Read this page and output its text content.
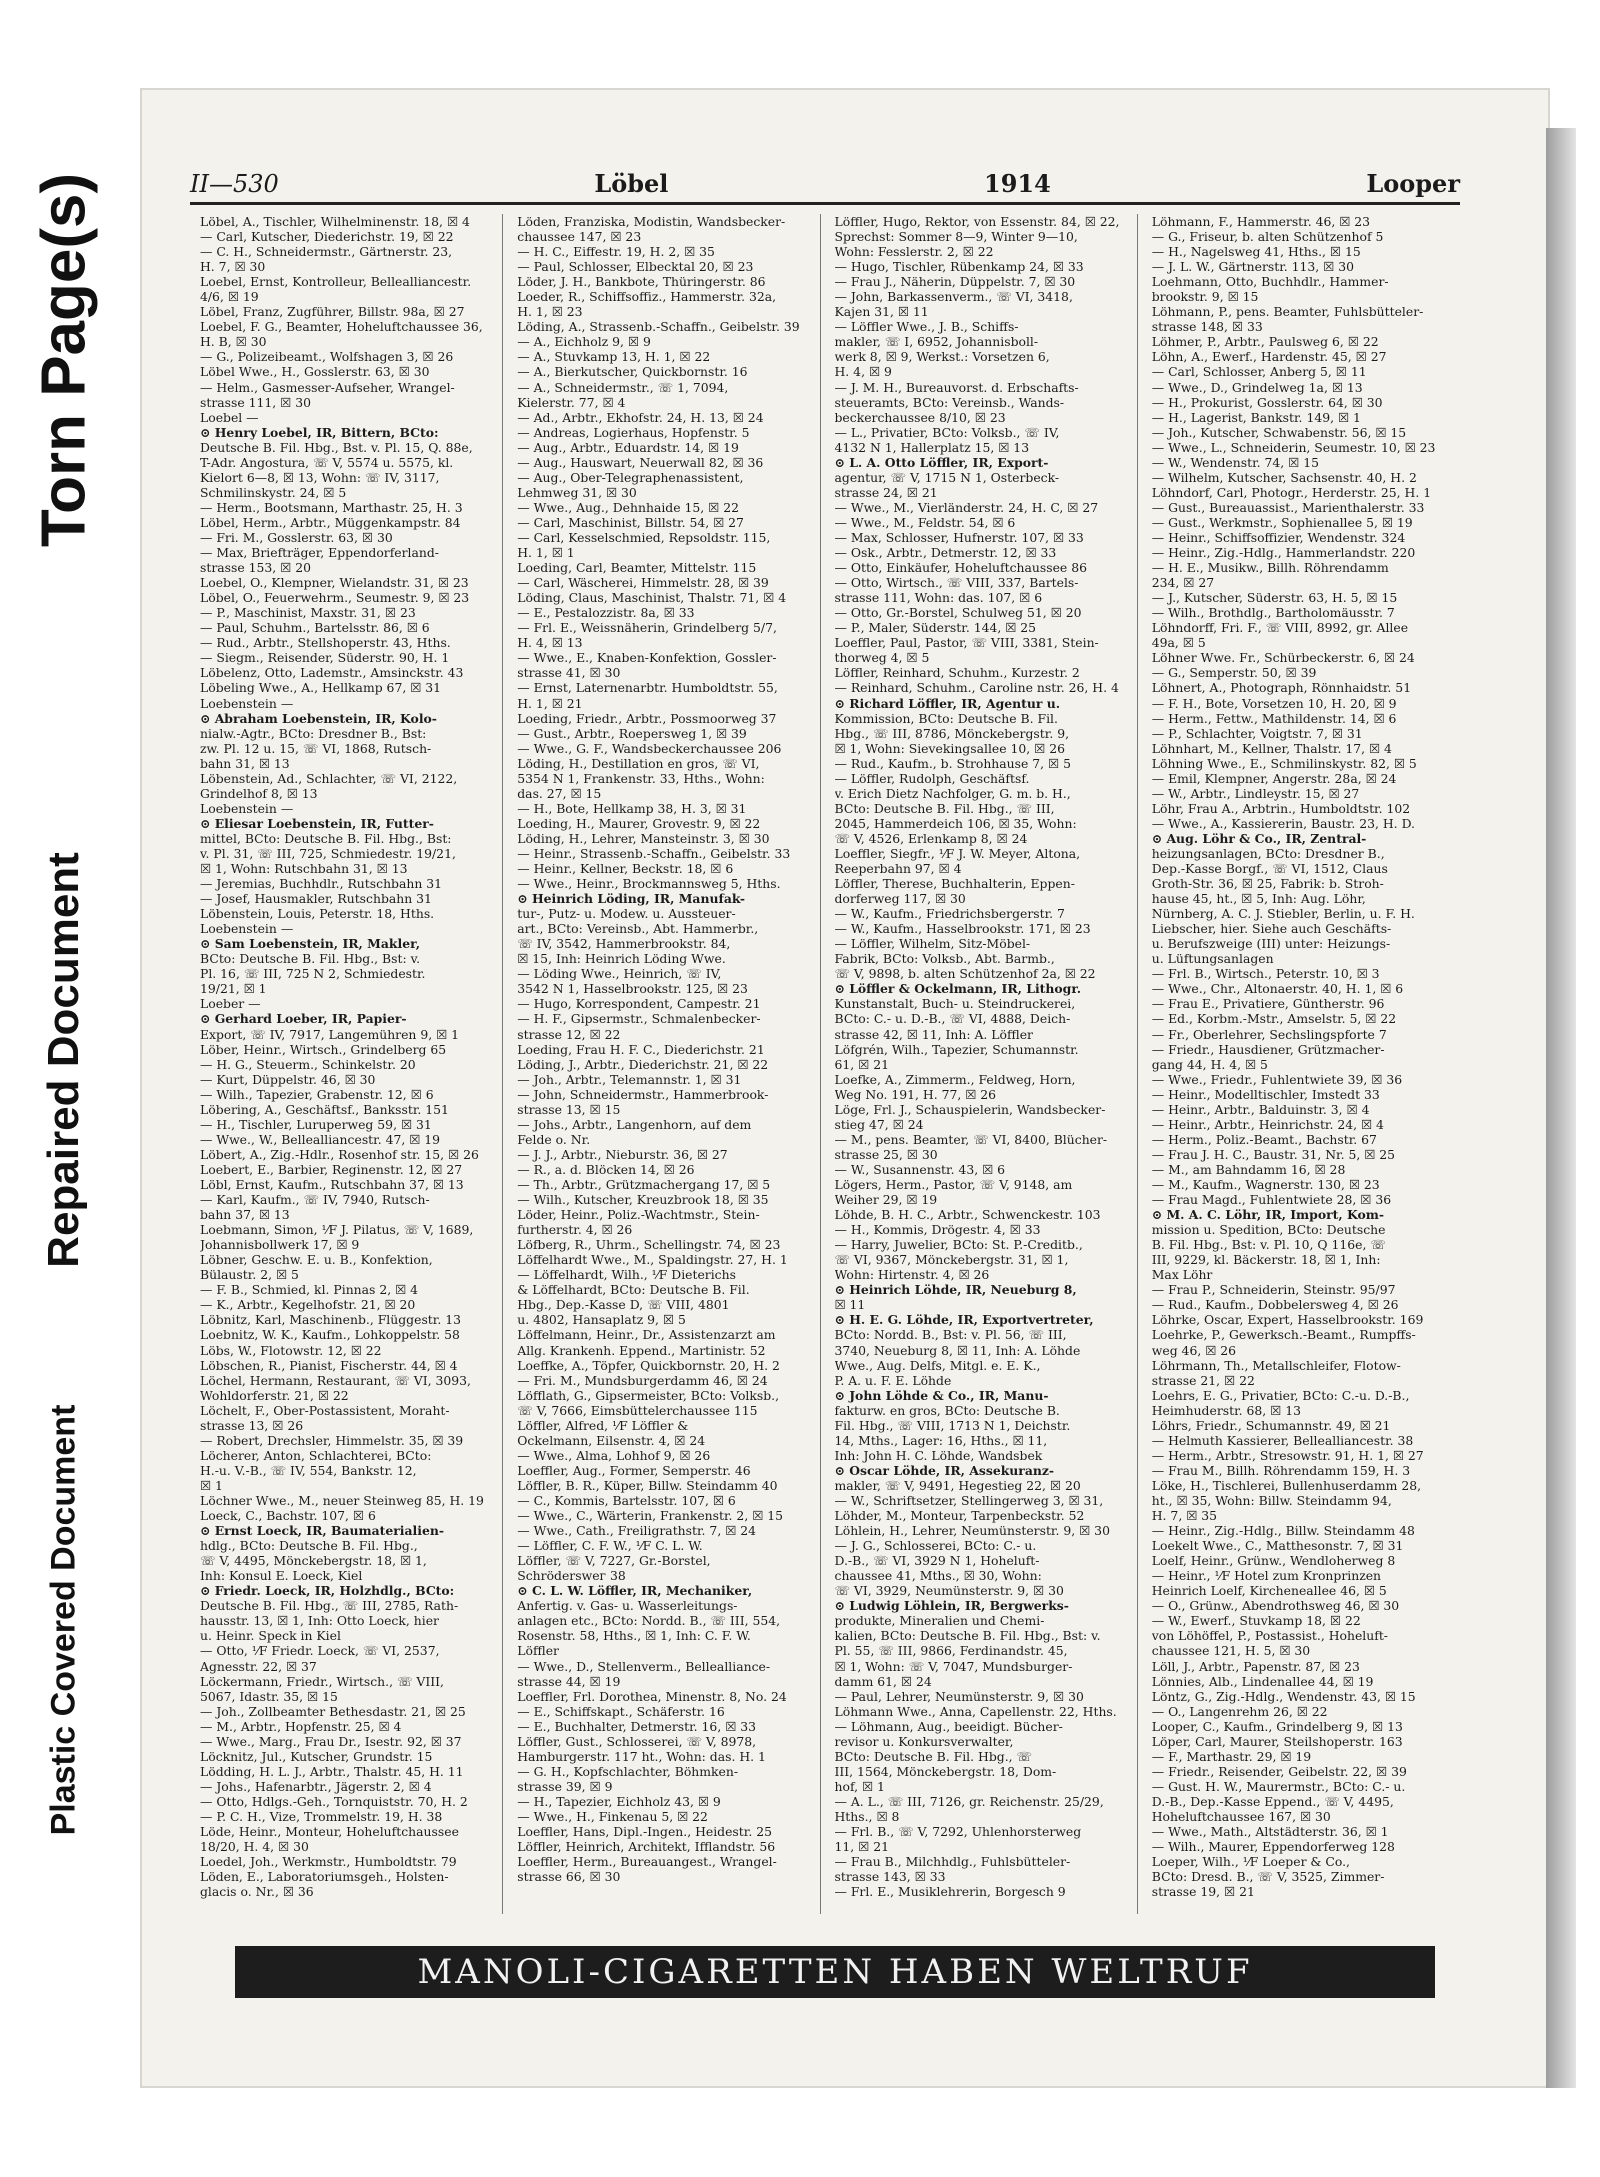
Torn Page(s)
Repaired Document
Plastic Covered Document
II—530	Löbel	1914	Looper
Löbel, A., Tischler, Wilhelminenstr. 18, ☒ 4
— Carl, Kutscher, Diederichstr. 19, ☒ 22
— C. H., Schneidermstr., Gärtnerstr. 23,
H. 7, ☒ 30
Loebel, Ernst, Kontrolleur, Bellealliancestr.
4/6, ☒ 19
Löbel, Franz, Zugführer, Billstr. 98a, ☒ 27
Loebel, F. G., Beamter, Hoheluftchaussee 36,
H. B, ☒ 30
— G., Polizeibeamt., Wolfshagen 3, ☒ 26
Löbel Wwe., H., Gosslerstr. 63, ☒ 30
— Helm., Gasmesser-Aufseher, Wrangel-
strasse 111, ☒ 30
Loebel —
⊙ Henry Loebel, IR, Bittern, BCto:
Deutsche B. Fil. Hbg., Bst. v. Pl. 15, Q. 88e,
T-Adr. Angostura, ☏ V, 5574 u. 5575, kl.
Kielort 6—8, ☒ 13, Wohn: ☏ IV, 3117,
Schmilinskystr. 24, ☒ 5
— Herm., Bootsmann, Marthastr. 25, H. 3
Löbel, Herm., Arbtr., Müggenkampstr. 84
— Fri. M., Gosslerstr. 63, ☒ 30
— Max, Briefträger, Eppendorferland-
strasse 153, ☒ 20
Loebel, O., Klempner, Wielandstr. 31, ☒ 23
Löbel, O., Feuerwehrm., Seumestr. 9, ☒ 23
— P., Maschinist, Maxstr. 31, ☒ 23
— Paul, Schuhm., Bartelsstr. 86, ☒ 6
— Rud., Arbtr., Stellshoperstr. 43, Hths.
— Siegm., Reisender, Süderstr. 90, H. 1
Löbelenz, Otto, Lademstr., Amsinckstr. 43
Löbeling Wwe., A., Hellkamp 67, ☒ 31
Loebenstein —
⊙ Abraham Loebenstein, IR, Kolo-
nialw.-Agtr., BCto: Dresdner B., Bst:
zw. Pl. 12 u. 15, ☏ VI, 1868, Rutsch-
bahn 31, ☒ 13
Löbenstein, Ad., Schlachter, ☏ VI, 2122,
Grindelhof 8, ☒ 13
Loebenstein —
⊙ Eliesar Loebenstein, IR, Futter-
mittel, BCto: Deutsche B. Fil. Hbg., Bst:
v. Pl. 31, ☏ III, 725, Schmiedestr. 19/21,
☒ 1, Wohn: Rutschbahn 31, ☒ 13
— Jeremias, Buchhdlr., Rutschbahn 31
— Josef, Hausmakler, Rutschbahn 31
Löbenstein, Louis, Peterstr. 18, Hths.
Loebenstein —
⊙ Sam Loebenstein, IR, Makler,
BCto: Deutsche B. Fil. Hbg., Bst: v.
Pl. 16, ☏ III, 725 N 2, Schmiedestr.
19/21, ☒ 1
Loeber —
⊙ Gerhard Loeber, IR, Papier-
Export, ☏ IV, 7917, Langemühren 9, ☒ 1
Löber, Heinr., Wirtsch., Grindelberg 65
— H. G., Steuerm., Schinkelstr. 20
— Kurt, Düppelstr. 46, ☒ 30
— Wilh., Tapezier, Grabenstr. 12, ☒ 6
Löbering, A., Geschäftsf., Banksstr. 151
— H., Tischler, Luruperweg 59, ☒ 31
— Wwe., W., Bellealliancestr. 47, ☒ 19
Löbert, A., Zig.-Hdlr., Rosenhof str. 15, ☒ 26
Loebert, E., Barbier, Reginenstr. 12, ☒ 27
Löbl, Ernst, Kaufm., Rutschbahn 37, ☒ 13
— Karl, Kaufm., ☏ IV, 7940, Rutsch-
bahn 37, ☒ 13
Loebmann, Simon, ⅟F J. Pilatus, ☏ V, 1689,
Johannisbollwerk 17, ☒ 9
Löbner, Geschw. E. u. B., Konfektion,
Bülaustr. 2, ☒ 5
— F. B., Schmied, kl. Pinnas 2, ☒ 4
— K., Arbtr., Kegelhofstr. 21, ☒ 20
Löbnitz, Karl, Maschinenb., Flüggestr. 13
Loebnitz, W. K., Kaufm., Lohkoppelstr. 58
Löbs, W., Flotowstr. 12, ☒ 22
Löbschen, R., Pianist, Fischerstr. 44, ☒ 4
Löchel, Hermann, Restaurant, ☏ VI, 3093,
Wohldorferstr. 21, ☒ 22
Löchelt, F., Ober-Postassistent, Moraht-
strasse 13, ☒ 26
— Robert, Drechsler, Himmelstr. 35, ☒ 39
Löcherer, Anton, Schlachterei, BCto:
H.-u. V.-B., ☏ IV, 554, Bankstr. 12,
☒ 1
Löchner Wwe., M., neuer Steinweg 85, H. 19
Loeck, C., Bachstr. 107, ☒ 6
⊙ Ernst Loeck, IR, Baumaterialien-
hdlg., BCto: Deutsche B. Fil. Hbg.,
☏ V, 4495, Mönckebergstr. 18, ☒ 1,
Inh: Konsul E. Loeck, Kiel
⊙ Friedr. Loeck, IR, Holzhdlg., BCto:
Deutsche B. Fil. Hbg., ☏ III, 2785, Rath-
hausstr. 13, ☒ 1, Inh: Otto Loeck, hier
u. Heinr. Speck in Kiel
— Otto, ⅟F Friedr. Loeck, ☏ VI, 2537,
Agnesstr. 22, ☒ 37
Löckermann, Friedr., Wirtsch., ☏ VIII,
5067, Idastr. 35, ☒ 15
— Joh., Zollbeamter Bethesdastr. 21, ☒ 25
— M., Arbtr., Hopfenstr. 25, ☒ 4
— Wwe., Marg., Frau Dr., Isestr. 92, ☒ 37
Löcknitz, Jul., Kutscher, Grundstr. 15
Lödding, H. L. J., Arbtr., Thalstr. 45, H. 11
— Johs., Hafenarbtr., Jägerstr. 2, ☒ 4
— Otto, Hdlgs.-Geh., Tornquiststr. 70, H. 2
— P. C. H., Vize, Trommelstr. 19, H. 38
Löde, Heinr., Monteur, Hoheluftchaussee
18/20, H. 4, ☒ 30
Loedel, Joh., Werkmstr., Humboldtstr. 79
Löden, E., Laboratoriumsgeh., Holsten-
glacis o. Nr., ☒ 36
Löden, Franziska, Modistin, Wandsbecker-
chaussee 147, ☒ 23
— H. C., Eiffestr. 19, H. 2, ☒ 35
— Paul, Schlosser, Elbecktal 20, ☒ 23
Löder, J. H., Bankbote, Thüringerstr. 86
Loeder, R., Schiffsoffiz., Hammerstr. 32a,
H. 1, ☒ 23
Löding, A., Strassenb.-Schaffn., Geibelstr. 39
— A., Eichholz 9, ☒ 9
— A., Stuvkamp 13, H. 1, ☒ 22
— A., Bierkutscher, Quickbornstr. 16
— A., Schneidermstr., ☏ 1, 7094,
Kielerstr. 77, ☒ 4
— Ad., Arbtr., Ekhofstr. 24, H. 13, ☒ 24
— Andreas, Logierhaus, Hopfenstr. 5
— Aug., Arbtr., Eduardstr. 14, ☒ 19
— Aug., Hauswart, Neuerwall 82, ☒ 36
— Aug., Ober-Telegraphenassistent,
Lehmweg 31, ☒ 30
— Wwe., Aug., Dehnhaide 15, ☒ 22
— Carl, Maschinist, Billstr. 54, ☒ 27
— Carl, Kesselschmied, Repsoldstr. 115,
H. 1, ☒ 1
Loeding, Carl, Beamter, Mittelstr. 115
— Carl, Wäscherei, Himmelstr. 28, ☒ 39
Löding, Claus, Maschinist, Thalstr. 71, ☒ 4
— E., Pestalozzistr. 8a, ☒ 33
— Frl. E., Weissnäherin, Grindelberg 5/7,
H. 4, ☒ 13
— Wwe., E., Knaben-Konfektion, Gossler-
strasse 41, ☒ 30
— Ernst, Laternenarbtr. Humboldtstr. 55,
H. 1, ☒ 21
Loeding, Friedr., Arbtr., Possmoorweg 37
— Gust., Arbtr., Roepersweg 1, ☒ 39
— Wwe., G. F., Wandsbeckerchaussee 206
Löding, H., Destillation en gros, ☏ VI,
5354 N 1, Frankenstr. 33, Hths., Wohn:
das. 27, ☒ 15
— H., Bote, Hellkamp 38, H. 3, ☒ 31
Loeding, H., Maurer, Grovestr. 9, ☒ 22
Löding, H., Lehrer, Mansteinstr. 3, ☒ 30
— Heinr., Strassenb.-Schaffn., Geibelstr. 33
— Heinr., Kellner, Beckstr. 18, ☒ 6
— Wwe., Heinr., Brockmannsweg 5, Hths.
⊙ Heinrich Löding, IR, Manufak-
tur-, Putz- u. Modew. u. Aussteuer-
art., BCto: Vereinsb., Abt. Hammerbr.,
☏ IV, 3542, Hammerbrookstr. 84,
☒ 15, Inh: Heinrich Löding Wwe.
— Löding Wwe., Heinrich, ☏ IV,
3542 N 1, Hasselbrookstr. 125, ☒ 23
— Hugo, Korrespondent, Campestr. 21
— H. F., Gipsermstr., Schmalenbecker-
strasse 12, ☒ 22
Loeding, Frau H. F. C., Diederichstr. 21
Löding, J., Arbtr., Diederichstr. 21, ☒ 22
— Joh., Arbtr., Telemannstr. 1, ☒ 31
— John, Schneidermstr., Hammerbrook-
strasse 13, ☒ 15
— Johs., Arbtr., Langenhorn, auf dem
Felde o. Nr.
— J. J., Arbtr., Nieburstr. 36, ☒ 27
— R., a. d. Blöcken 14, ☒ 26
— Th., Arbtr., Grützmachergang 17, ☒ 5
— Wilh., Kutscher, Kreuzbrook 18, ☒ 35
Löder, Heinr., Poliz.-Wachtmstr., Stein-
furtherstr. 4, ☒ 26
Löfberg, R., Uhrm., Schellingstr. 74, ☒ 23
Löffelhardt Wwe., M., Spaldingstr. 27, H. 1
— Löffelhardt, Wilh., ⅟F Dieterichs
& Löffelhardt, BCto: Deutsche B. Fil.
Hbg., Dep.-Kasse D, ☏ VIII, 4801
u. 4802, Hansaplatz 9, ☒ 5
Löffelmann, Heinr., Dr., Assistenzarzt am
Allg. Krankenh. Eppend., Martinistr. 52
Loeffke, A., Töpfer, Quickbornstr. 20, H. 2
— Fri. M., Mundsburgerdamm 46, ☒ 24
Löfflath, G., Gipsermeister, BCto: Volksb.,
☏ V, 7666, Eimsbüttelerchaussee 115
Löffler, Alfred, ⅟F Löffler &
Ockelmann, Eilsenstr. 4, ☒ 24
— Wwe., Alma, Lohhof 9, ☒ 26
Loeffler, Aug., Former, Semperstr. 46
Löffler, B. R., Küper, Billw. Steindamm 40
— C., Kommis, Bartelsstr. 107, ☒ 6
— Wwe., C., Wärterin, Frankenstr. 2, ☒ 15
— Wwe., Cath., Freiligrathstr. 7, ☒ 24
— Löffler, C. F. W., ⅟F C. L. W.
Löffler, ☏ V, 7227, Gr.-Borstel,
Schröderswег 38
⊙ C. L. W. Löffler, IR, Mechaniker,
Anfertig. v. Gas- u. Wasserleitungs-
anlagen etc., BCto: Nordd. B., ☏ III, 554,
Rosenstr. 58, Hths., ☒ 1, Inh: C. F. W.
Löffler
— Wwe., D., Stellenverm., Bellealliance-
strasse 44, ☒ 19
Loeffler, Frl. Dorothea, Minenstr. 8, No. 24
— E., Schiffskapt., Schäferstr. 16
— E., Buchhalter, Detmerstr. 16, ☒ 33
Löffler, Gust., Schlosserei, ☏ V, 8978,
Hamburgerstr. 117 ht., Wohn: das. H. 1
— G. H., Kopfschlachter, Böhmken-
strasse 39, ☒ 9
— H., Tapezier, Eichholz 43, ☒ 9
— Wwe., H., Finkenau 5, ☒ 22
Loeffler, Hans, Dipl.-Ingen., Heidestr. 25
Löffler, Heinrich, Architekt, Ifflandstr. 56
Loeffler, Herm., Bureauangest., Wrangel-
strasse 66, ☒ 30
Löffler, Hugo, Rektor, von Essenstr. 84, ☒ 22,
Sprechst: Sommer 8—9, Winter 9—10,
Wohn: Fesslerstr. 2, ☒ 22
— Hugo, Tischler, Rübenkamp 24, ☒ 33
— Frau J., Näherin, Düppelstr. 7, ☒ 30
— John, Barkassenverm., ☏ VI, 3418,
Kajen 31, ☒ 11
— Löffler Wwe., J. B., Schiffs-
makler, ☏ I, 6952, Johannisboll-
werk 8, ☒ 9, Werkst.: Vorsetzen 6,
H. 4, ☒ 9
— J. M. H., Bureauvorst. d. Erbschafts-
steueramts, BCto: Vereinsb., Wands-
beckerchaussee 8/10, ☒ 23
— L., Privatier, BCto: Volksb., ☏ IV,
4132 N 1, Hallerplatz 15, ☒ 13
⊙ L. A. Otto Löffler, IR, Export-
agentur, ☏ V, 1715 N 1, Osterbeck-
strasse 24, ☒ 21
— Wwe., M., Vierländerstr. 24, H. C, ☒ 27
— Wwe., M., Feldstr. 54, ☒ 6
— Max, Schlosser, Hufnerstr. 107, ☒ 33
— Osk., Arbtr., Detmerstr. 12, ☒ 33
— Otto, Einkäufer, Hoheluftchaussee 86
— Otto, Wirtsch., ☏ VIII, 337, Bartels-
strasse 111, Wohn: das. 107, ☒ 6
— Otto, Gr.-Borstel, Schulweg 51, ☒ 20
— P., Maler, Süderstr. 144, ☒ 25
Loeffler, Paul, Pastor, ☏ VIII, 3381, Stein-
thorweg 4, ☒ 5
Löffler, Reinhard, Schuhm., Kurzestr. 2
— Reinhard, Schuhm., Caroline nstr. 26, H. 4
⊙ Richard Löffler, IR, Agentur u.
Kommission, BCto: Deutsche B. Fil.
Hbg., ☏ III, 8786, Mönckebergstr. 9,
☒ 1, Wohn: Sievekingsallee 10, ☒ 26
— Rud., Kaufm., b. Strohhause 7, ☒ 5
— Löffler, Rudolph, Geschäftsf.
v. Erich Dietz Nachfolger, G. m. b. H.,
BCto: Deutsche B. Fil. Hbg., ☏ III,
2045, Hammerdeich 106, ☒ 35, Wohn:
☏ V, 4526, Erlenkamp 8, ☒ 24
Loeffler, Siegfr., ⅟F J. W. Meyer, Altona,
Reeperbahn 97, ☒ 4
Löffler, Therese, Buchhalterin, Eppen-
dorferweg 117, ☒ 30
— W., Kaufm., Friedrichsbergerstr. 7
— W., Kaufm., Hasselbrookstr. 171, ☒ 23
— Löffler, Wilhelm, Sitz-Möbel-
Fabrik, BCto: Volksb., Abt. Barmb.,
☏ V, 9898, b. alten Schützenhof 2a, ☒ 22
⊙ Löffler & Ockelmann, IR, Lithogr.
Kunstanstalt, Buch- u. Steindruckerei,
BCto: C.- u. D.-B., ☏ VI, 4888, Deich-
strasse 42, ☒ 11, Inh: A. Löffler
Löfgrén, Wilh., Tapezier, Schumannstr.
61, ☒ 21
Loefke, A., Zimmerm., Feldweg, Horn,
Weg No. 191, H. 77, ☒ 26
Löge, Frl. J., Schauspielerin, Wandsbecker-
stieg 47, ☒ 24
— M., pens. Beamter, ☏ VI, 8400, Blücher-
strasse 25, ☒ 30
— W., Susannenstr. 43, ☒ 6
Lögers, Herm., Pastor, ☏ V, 9148, am
Weiher 29, ☒ 19
Löhde, B. H. C., Arbtr., Schwenckestr. 103
— H., Kommis, Drögestr. 4, ☒ 33
— Harry, Juwelier, BCto: St. P.-Creditb.,
☏ VI, 9367, Mönckebergstr. 31, ☒ 1,
Wohn: Hirtenstr. 4, ☒ 26
⊙ Heinrich Löhde, IR, Neueburg 8,
☒ 11
⊙ H. E. G. Löhde, IR, Exportvertreter,
BCto: Nordd. B., Bst: v. Pl. 56, ☏ III,
3740, Neueburg 8, ☒ 11, Inh: A. Löhde
Wwe., Aug. Delfs, Mitgl. e. E. K.,
P. A. u. F. E. Löhde
⊙ John Löhde & Co., IR, Manu-
fakturw. en gros, BCto: Deutsche B.
Fil. Hbg., ☏ VIII, 1713 N 1, Deichstr.
14, Mths., Lager: 16, Hths., ☒ 11,
Inh: John H. C. Löhde, Wandsbek
⊙ Oscar Löhde, IR, Assekuranz-
makler, ☏ V, 9491, Hegestieg 22, ☒ 20
— W., Schriftsetzer, Stellingerweg 3, ☒ 31,
Löhder, M., Monteur, Tarpenbeckstr. 52
Löhlein, H., Lehrer, Neumünsterstr. 9, ☒ 30
— J. G., Schlosserei, BCto: C.- u.
D.-B., ☏ VI, 3929 N 1, Hoheluft-
chaussee 41, Mths., ☒ 30, Wohn:
☏ VI, 3929, Neumünsterstr. 9, ☒ 30
⊙ Ludwig Löhlein, IR, Bergwerks-
produkte, Mineralien und Chemi-
kalien, BCto: Deutsche B. Fil. Hbg., Bst: v.
Pl. 55, ☏ III, 9866, Ferdinandstr. 45,
☒ 1, Wohn: ☏ V, 7047, Mundsburger-
damm 61, ☒ 24
— Paul, Lehrer, Neumünsterstr. 9, ☒ 30
Löhmann Wwe., Anna, Capellenstr. 22, Hths.
— Löhmann, Aug., beeidigt. Bücher-
revisor u. Konkursverwalter,
BCto: Deutsche B. Fil. Hbg., ☏
III, 1564, Mönckebergstr. 18, Dom-
hof, ☒ 1
— A. L., ☏ III, 7126, gr. Reichenstr. 25/29,
Hths., ☒ 8
— Frl. B., ☏ V, 7292, Uhlenhorsterweg
11, ☒ 21
— Frau B., Milchhdlg., Fuhlsbütteler-
strasse 143, ☒ 33
— Frl. E., Musiklehrerin, Borgesch 9
Löhmann, F., Hammerstr. 46, ☒ 23
— G., Friseur, b. alten Schützenhof 5
— H., Nagelsweg 41, Hths., ☒ 15
— J. L. W., Gärtnerstr. 113, ☒ 30
Loehmann, Otto, Buchhdlr., Hammer-
brookstr. 9, ☒ 15
Löhmann, P., pens. Beamter, Fuhlsbütteler-
strasse 148, ☒ 33
Löhmer, P., Arbtr., Paulsweg 6, ☒ 22
Löhn, A., Ewerf., Hardenstr. 45, ☒ 27
— Carl, Schlosser, Anberg 5, ☒ 11
— Wwe., D., Grindelweg 1a, ☒ 13
— H., Prokurist, Gosslerstr. 64, ☒ 30
— H., Lagerist, Bankstr. 149, ☒ 1
— Joh., Kutscher, Schwabenstr. 56, ☒ 15
— Wwe., L., Schneiderin, Seumestr. 10, ☒ 23
— W., Wendenstr. 74, ☒ 15
— Wilhelm, Kutscher, Sachsenstr. 40, H. 2
Löhndorf, Carl, Photogr., Herderstr. 25, H. 1
— Gust., Bureauassist., Marienthalerstr. 33
— Gust., Werkmstr., Sophienallee 5, ☒ 19
— Heinr., Schiffsoffizier, Wendenstr. 324
— Heinr., Zig.-Hdlg., Hammerlandstr. 220
— H. E., Musikw., Billh. Röhrendamm
234, ☒ 27
— J., Kutscher, Süderstr. 63, H. 5, ☒ 15
— Wilh., Brothdlg., Bartholomäusstr. 7
Löhndorff, Fri. F., ☏ VIII, 8992, gr. Allee
49a, ☒ 5
Löhner Wwe. Fr., Schürbeckerstr. 6, ☒ 24
— G., Semperstr. 50, ☒ 39
Löhnert, A., Photograph, Rönnhaidstr. 51
— F. H., Bote, Vorsetzen 10, H. 20, ☒ 9
— Herm., Fettw., Mathildenstr. 14, ☒ 6
— P., Schlachter, Voigtstr. 7, ☒ 31
Löhnhart, M., Kellner, Thalstr. 17, ☒ 4
Löhning Wwe., E., Schmilinskystr. 82, ☒ 5
— Emil, Klempner, Angerstr. 28a, ☒ 24
— W., Arbtr., Lindleystr. 15, ☒ 27
Löhr, Frau A., Arbtrin., Humboldtstr. 102
— Wwe., A., Kassiererin, Baustr. 23, H. D.
⊙ Aug. Löhr & Co., IR, Zentral-
heizungsanlagen, BCto: Dresdner B.,
Dep.-Kasse Borgf., ☏ VI, 1512, Claus
Groth-Str. 36, ☒ 25, Fabrik: b. Stroh-
hause 45, ht., ☒ 5, Inh: Aug. Löhr,
Nürnberg, A. C. J. Stiebler, Berlin, u. F. H.
Liebscher, hier. Siehe auch Geschäfts-
u. Berufszweige (III) unter: Heizungs-
u. Lüftungsanlagen
— Frl. B., Wirtsch., Peterstr. 10, ☒ 3
— Wwe., Chr., Altonaerstr. 40, H. 1, ☒ 6
— Frau E., Privatiere, Güntherstr. 96
— Ed., Korbm.-Mstr., Amselstr. 5, ☒ 22
— Fr., Oberlehrer, Sechslingspforte 7
— Friedr., Hausdiener, Grützmacher-
gang 44, H. 4, ☒ 5
— Wwe., Friedr., Fuhlentwiete 39, ☒ 36
— Heinr., Modelltischler, Imstedt 33
— Heinr., Arbtr., Balduinstr. 3, ☒ 4
— Heinr., Arbtr., Heinrichstr. 24, ☒ 4
— Herm., Poliz.-Beamt., Bachstr. 67
— Frau J. H. C., Baustr. 31, Nr. 5, ☒ 25
— M., am Bahndamm 16, ☒ 28
— M., Kaufm., Wagnerstr. 130, ☒ 23
— Frau Magd., Fuhlentwiete 28, ☒ 36
⊙ M. A. C. Löhr, IR, Import, Kom-
mission u. Spedition, BCto: Deutsche
B. Fil. Hbg., Bst: v. Pl. 10, Q 116e, ☏
III, 9229, kl. Bäckerstr. 18, ☒ 1, Inh:
Max Löhr
— Frau P., Schneiderin, Steinstr. 95/97
— Rud., Kaufm., Dobbelersweg 4, ☒ 26
Löhrke, Oscar, Expert, Hasselbrookstr. 169
Loehrke, P., Gewerksch.-Beamt., Rumpffs-
weg 46, ☒ 26
Löhrmann, Th., Metallschleifer, Flotow-
strasse 21, ☒ 22
Loehrs, E. G., Privatier, BCto: C.-u. D.-B.,
Heimhuderstr. 68, ☒ 13
Löhrs, Friedr., Schumannstr. 49, ☒ 21
— Helmuth Kassierer, Bellealliancestr. 38
— Herm., Arbtr., Stresowstr. 91, H. 1, ☒ 27
— Frau M., Billh. Röhrendamm 159, H. 3
Löke, H., Tischlerei, Bullenhuserdamm 28,
ht., ☒ 35, Wohn: Billw. Steindamm 94,
H. 7, ☒ 35
— Heinr., Zig.-Hdlg., Billw. Steindamm 48
Loekelt Wwe., C., Matthesonstr. 7, ☒ 31
Loelf, Heinr., Grünw., Wendloherweg 8
— Heinr., ⅟F Hotel zum Kronprinzen
Heinrich Loelf, Kircheneallee 46, ☒ 5
— O., Grünw., Abendrothsweg 46, ☒ 30
— W., Ewerf., Stuvkamp 18, ☒ 22
von Löhöffel, P., Postassist., Hoheluft-
chaussee 121, H. 5, ☒ 30
Löll, J., Arbtr., Papenstr. 87, ☒ 23
Lönnies, Alb., Lindenallee 44, ☒ 19
Löntz, G., Zig.-Hdlg., Wendenstr. 43, ☒ 15
— O., Langenrehm 26, ☒ 22
Looper, C., Kaufm., Grindelberg 9, ☒ 13
Löper, Carl, Maurer, Steilshoperstr. 163
— F., Marthastr. 29, ☒ 19
— Friedr., Reisender, Geibelstr. 22, ☒ 39
— Gust. H. W., Maurermstr., BCto: C.- u.
D.-B., Dep.-Kasse Eppend., ☏ V, 4495,
Hoheluftchaussee 167, ☒ 30
— Wwe., Math., Altstädterstr. 36, ☒ 1
— Wilh., Maurer, Eppendorferweg 128
Loeper, Wilh., ⅟F Loeper & Co.,
BCto: Dresd. B., ☏ V, 3525, Zimmer-
strasse 19, ☒ 21
MANOLI-CIGARETTEN HABEN WELTRUF
